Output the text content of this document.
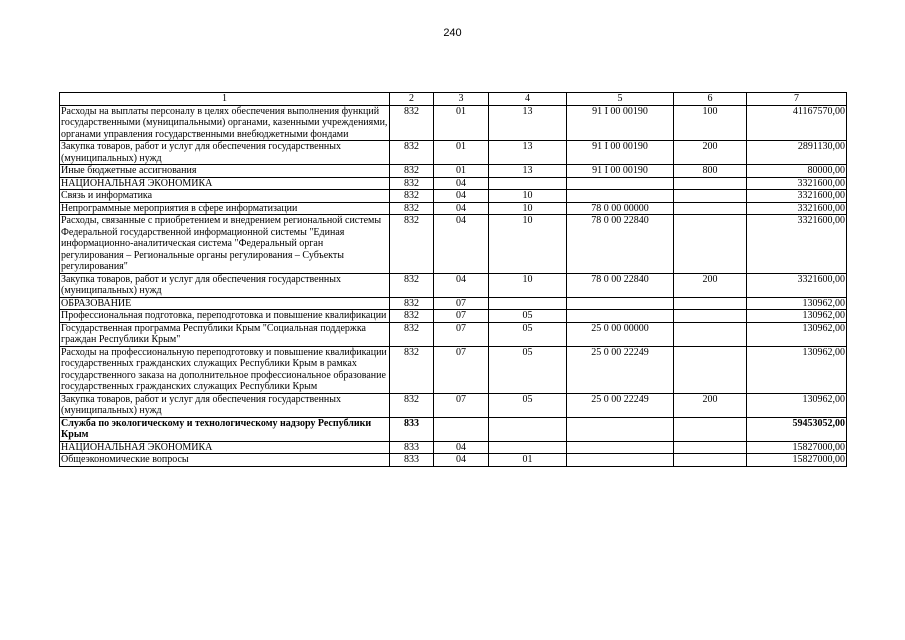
240
1	2	3	4	5	6	7
Расходы на выплаты персоналу в целях обеспечения выполнения функций государственными (муниципальными) органами, казенными учреждениями, органами управления государственными внебюджетными фондами	832	01	13	91 I 00 00190	100	41167570,00
Закупка товаров, работ и услуг для обеспечения государственных (муниципальных) нужд	832	01	13	91 I 00 00190	200	2891130,00
Иные бюджетные ассигнования	832	01	13	91 I 00 00190	800	80000,00
НАЦИОНАЛЬНАЯ ЭКОНОМИКА	832	04				3321600,00
Связь и информатика	832	04	10			3321600,00
Непрограммные мероприятия в сфере информатизации	832	04	10	78 0 00 00000		3321600,00
Расходы, связанные с приобретением и внедрением региональной системы Федеральной государственной информационной системы "Единая информационно-аналитическая система "Федеральный орган регулирования – Региональные органы регулирования – Субъекты регулирования"	832	04	10	78 0 00 22840		3321600,00
Закупка товаров, работ и услуг для обеспечения государственных (муниципальных) нужд	832	04	10	78 0 00 22840	200	3321600,00
ОБРАЗОВАНИЕ	832	07				130962,00
Профессиональная подготовка, переподготовка и повышение квалификации	832	07	05			130962,00
Государственная программа Республики Крым "Социальная поддержка граждан Республики Крым"	832	07	05	25 0 00 00000		130962,00
Расходы на профессиональную переподготовку и повышение квалификации государственных гражданских служащих Республики Крым в рамках государственного заказа на дополнительное профессиональное образование государственных гражданских служащих Республики Крым	832	07	05	25 0 00 22249		130962,00
Закупка товаров, работ и услуг для обеспечения государственных (муниципальных) нужд	832	07	05	25 0 00 22249	200	130962,00
Служба по экологическому и технологическому надзору Республики Крым	833					59453052,00
НАЦИОНАЛЬНАЯ ЭКОНОМИКА	833	04				15827000,00
Общеэкономические вопросы	833	04	01			15827000,00
